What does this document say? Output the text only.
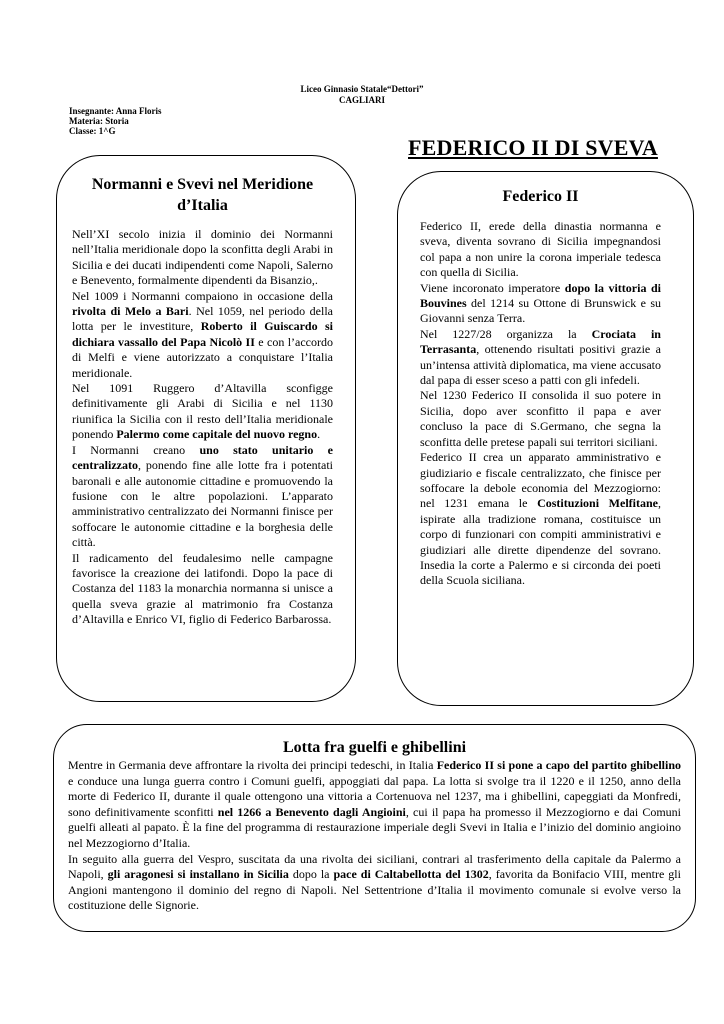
Liceo Ginnasio Statale“Dettori”
CAGLIARI
Insegnante: Anna Floris
Materia: Storia
Classe: 1^G
FEDERICO II DI SVEVA
Normanni e Svevi nel Meridione d’Italia

Nell’XI secolo inizia il dominio dei Normanni nell’Italia meridionale dopo la sconfitta degli Arabi in Sicilia e dei ducati indipendenti come Napoli, Salerno e Benevento, formalmente dipendenti da Bisanzio,.

Nel 1009 i Normanni compaiono in occasione della rivolta di Melo a Bari. Nel 1059, nel periodo della lotta per le investiture, Roberto il Guiscardo si dichiara vassallo del Papa Nicolò II e con l’accordo di Melfi e viene autorizzato a conquistare l’Italia meridionale.

Nel 1091 Ruggero d’Altavilla sconfigge definitivamente gli Arabi di Sicilia e nel 1130 riunifica la Sicilia con il resto dell’Italia meridionale ponendo Palermo come capitale del nuovo regno.

I Normanni creano uno stato unitario e centralizzato, ponendo fine alle lotte fra i potentati baronali e alle autonomie cittadine e promuovendo la fusione con le altre popolazioni. L’apparato amministrativo centralizzato dei Normanni finisce per soffocare le autonomie cittadine e la borghesia delle città.

Il radicamento del feudalesimo nelle campagne favorisce la creazione dei latifondi. Dopo la pace di Costanza del 1183 la monarchia normanna si unisce a quella sveva grazie al matrimonio fra Costanza d’Altavilla e Enrico VI, figlio di Federico Barbarossa.

Federico II

Federico II, erede della dinastia normanna e sveva, diventa sovrano di Sicilia impegnandosi col papa a non unire la corona imperiale tedesca con quella di Sicilia.

Viene incoronato imperatore dopo la vittoria di Bouvines del 1214 su Ottone di Brunswick e su Giovanni senza Terra.

Nel 1227/28 organizza la Crociata in Terrasanta, ottenendo risultati positivi grazie a un’intensa attività diplomatica, ma viene accusato dal papa di esser sceso a patti con gli infedeli.

Nel 1230 Federico II consolida il suo potere in Sicilia, dopo aver sconfitto il papa e aver concluso la pace di S.Germano, che segna la sconfitta delle pretese papali sui territori siciliani.

Federico II crea un apparato amministrativo e giudiziario e fiscale centralizzato, che finisce per soffocare la debole economia del Mezzogiorno: nel 1231 emana le Costituzioni Melfitane, ispirate alla tradizione romana, costituisce un corpo di funzionari con compiti amministrativi e giudiziari alle dirette dipendenze del sovrano. Insedia la corte a Palermo e si circonda dei poeti della Scuola siciliana.

Lotta fra guelfi e ghibellini

Mentre in Germania deve affrontare la rivolta dei principi tedeschi, in Italia Federico II si pone a capo del partito ghibellino e conduce una lunga guerra contro i Comuni guelfi, appoggiati dal papa. La lotta si svolge tra il 1220 e il 1250, anno della morte di Federico II, durante il quale ottengono una vittoria a Cortenuova nel 1237, ma i ghibellini, capeggiati da Monfredi, sono definitivamente sconfitti nel 1266 a Benevento dagli Angioini, cui il papa ha promesso il Mezzogiorno e dai Comuni guelfi alleati al papato. È la fine del programma di restaurazione imperiale degli Svevi in Italia e l’inizio del dominio angioino nel Mezzogiorno d’Italia.

In seguito alla guerra del Vespro, suscitata da una rivolta dei siciliani, contrari al trasferimento della capitale da Palermo a Napoli, gli aragonesi si installano in Sicilia dopo la pace di Caltabellotta del 1302, favorita da Bonifacio VIII, mentre gli Angioni mantengono il dominio del regno di Napoli. Nel Settentrione d’Italia il movimento comunale si evolve verso la costituzione delle Signorie.
